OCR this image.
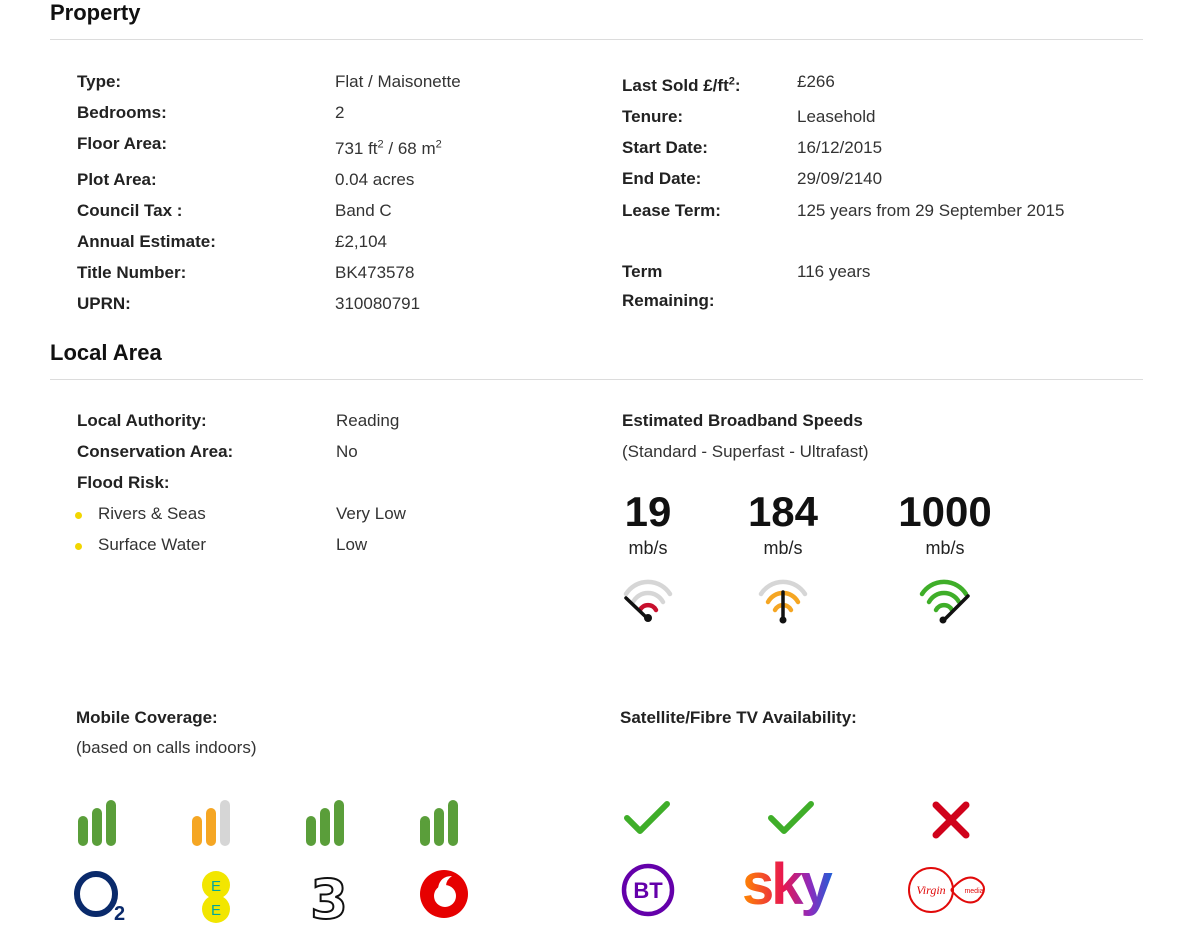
Property
Type:	Flat / Maisonette
Bedrooms:	2
Floor Area:	731 $ft^2 / 68$ $m^2$
Plot Area:	0.04 acres
Council Tax :	Band C
Annual Estimate:	£2,104
Title Number:	BK473578
UPRN:	310080791
Last Sold $£/ft^2$:	£266
Tenure:	Leasehold
Start Date:	16/12/2015
End Date:	29/09/2140
Lease Term:	125 years from 29 September 2015
Term Remaining:
116 years
Local Area
Local Authority:	Reading
Conservation Area:	No
Flood Risk:
Rivers & Seas	Very Low
Surface Water	Low
Estimated Broadband Speeds
(Standard - Superfast - Ultrafast)
19
mb/s
184
mb/s
1000
mb/s
Mobile Coverage:
(based on calls indoors)
2
E
E 3
Satellite/Fibre TV Availability:
BT sky	Virgin	media
